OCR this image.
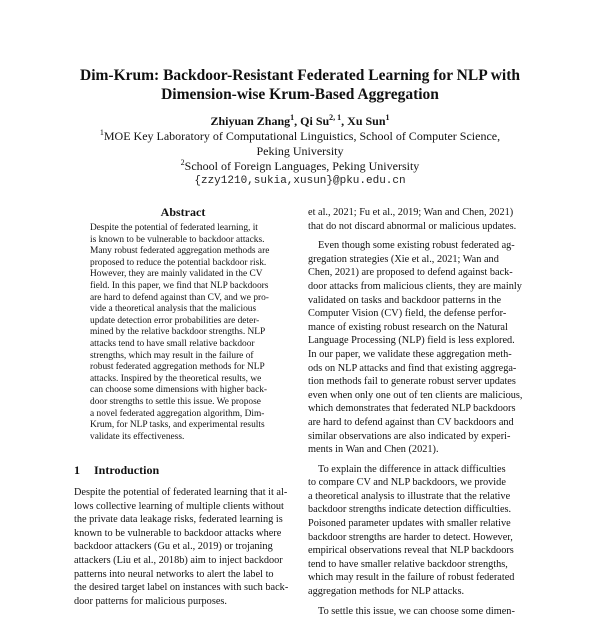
Dim-Krum: Backdoor-Resistant Federated Learning for NLP with
Dimension-wise Krum-Based Aggregation
Zhiyuan Zhang$^1$, Qi Su$^{2, 1}$, Xu Sun$^1$
$^1$MOE Key Laboratory of Computational Linguistics, School of Computer Science,
Peking University
$^2$School of Foreign Languages, Peking University
{zzy1210,sukia,xusun}@pku.edu.cn
Abstract
Despite the potential of federated learning, it
is known to be vulnerable to backdoor attacks.
Many robust federated aggregation methods are
proposed to reduce the potential backdoor risk.
However, they are mainly validated in the CV
field. In this paper, we find that NLP backdoors
are hard to defend against than CV, and we pro-
vide a theoretical analysis that the malicious
update detection error probabilities are deter-
mined by the relative backdoor strengths. NLP
attacks tend to have small relative backdoor
strengths, which may result in the failure of
robust federated aggregation methods for NLP
attacks. Inspired by the theoretical results, we
can choose some dimensions with higher back-
door strengths to settle this issue. We propose
a novel federated aggregation algorithm, Dim-
Krum, for NLP tasks, and experimental results
validate its effectiveness.
1 Introduction
Despite the potential of federated learning that it al-
lows collective learning of multiple clients without
the private data leakage risks, federated learning is
known to be vulnerable to backdoor attacks where
backdoor attackers (Gu et al., 2019) or trojaning
attackers (Liu et al., 2018b) aim to inject backdoor
patterns into neural networks to alert the label to
the desired target label on instances with such back-
door patterns for malicious purposes.
et al., 2021; Fu et al., 2019; Wan and Chen, 2021)
that do not discard abnormal or malicious updates.
Even though some existing robust federated ag-
gregation strategies (Xie et al., 2021; Wan and
Chen, 2021) are proposed to defend against back-
door attacks from malicious clients, they are mainly
validated on tasks and backdoor patterns in the
Computer Vision (CV) field, the defense perfor-
mance of existing robust research on the Natural
Language Processing (NLP) field is less explored.
In our paper, we validate these aggregation meth-
ods on NLP attacks and find that existing aggrega-
tion methods fail to generate robust server updates
even when only one out of ten clients are malicious,
which demonstrates that federated NLP backdoors
are hard to defend against than CV backdoors and
similar observations are also indicated by experi-
ments in Wan and Chen (2021).
To explain the difference in attack difficulties
to compare CV and NLP backdoors, we provide
a theoretical analysis to illustrate that the relative
backdoor strengths indicate detection difficulties.
Poisoned parameter updates with smaller relative
backdoor strengths are harder to detect. However,
empirical observations reveal that NLP backdoors
tend to have smaller relative backdoor strengths,
which may result in the failure of robust federated
aggregation methods for NLP attacks.
To settle this issue, we can choose some dimen-
